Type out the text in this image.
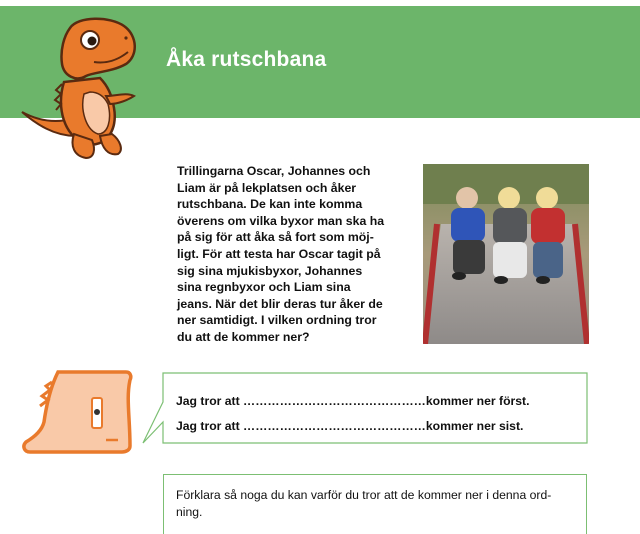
Åka rutschbana
Trillingarna Oscar, Johannes och
Liam är på lekplatsen och åker
rutschbana. De kan inte komma
överens om vilka byxor man ska ha
på sig för att åka så fort som möj-
ligt. För att testa har Oscar tagit på
sig sina mjukisbyxor, Johannes
sina regnbyxor och Liam sina
jeans. När det blir deras tur åker de
ner samtidigt. I vilken ordning tror
du att de kommer ner?
Jag tror att ………………………………………kommer ner först.
Jag tror att ………………………………………kommer ner sist.
Förklara så noga du kan varför du tror att de kommer ner i denna ord-
ning.
